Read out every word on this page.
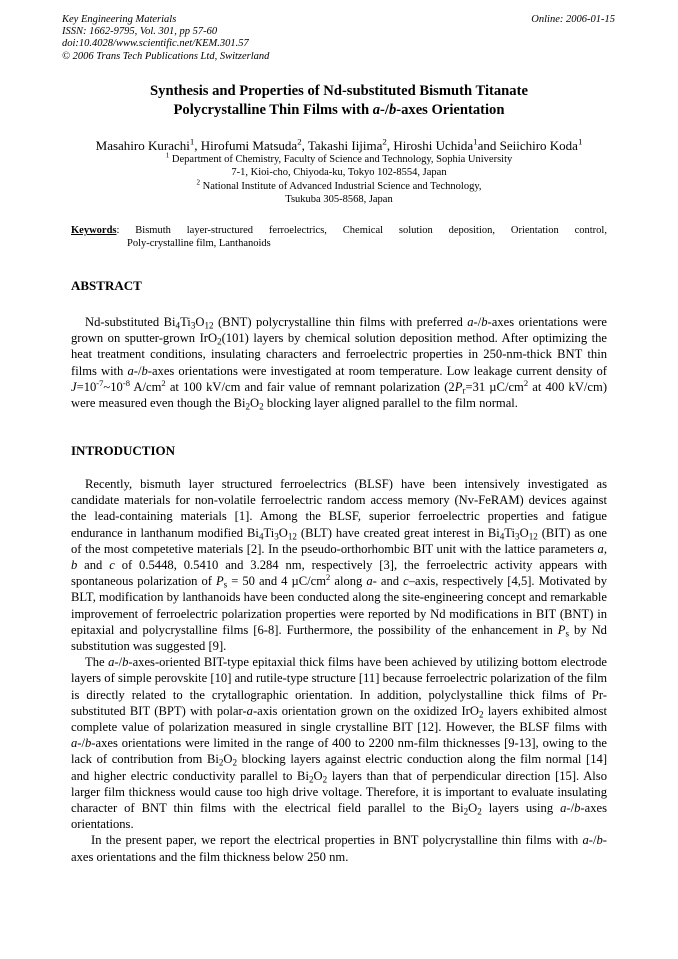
Key Engineering Materials
ISSN: 1662-9795, Vol. 301, pp 57-60
doi:10.4028/www.scientific.net/KEM.301.57
© 2006 Trans Tech Publications Ltd, Switzerland
Online: 2006-01-15
Synthesis and Properties of Nd-substituted Bismuth Titanate
Polycrystalline Thin Films with a-/b-axes Orientation
Masahiro Kurachi$^1$, Hirofumi Matsuda$^2$, Takashi Iijima$^2$, Hiroshi Uchida$^1$and Seiichiro Koda$^1$
$^1$ Department of Chemistry, Faculty of Science and Technology, Sophia University
7-1, Kioi-cho, Chiyoda-ku, Tokyo 102-8554, Japan
$^2$ National Institute of Advanced Industrial Science and Technology,
Tsukuba 305-8568, Japan
Keywords: Bismuth layer-structured ferroelectrics, Chemical solution deposition, Orientation control,
Poly-crystalline film, Lanthanoids
ABSTRACT

Nd-substituted $Bi_4Ti_3O_{12}$ (BNT) polycrystalline thin films with preferred a-/b-axes orientations were grown on sputter-grown IrO$_2$(101) layers by chemical solution deposition method. After optimizing the heat treatment conditions, insulating characters and ferroelectric properties in 250-nm-thick BNT thin films with a-/b-axes orientations were investigated at room temperature. Low leakage current density of $J=10^{-7}\sim 10^{-8}$ $A/cm^2$ at 100 kV/cm and fair value of remnant polarization ($2P_r=31$ $\mu C/cm^2$ at 400 kV/cm) were measured even though the $Bi_2O_2$ blocking layer aligned parallel to the film normal.

INTRODUCTION

Recently, bismuth layer structured ferroelectrics (BLSF) have been intensively investigated as candidate materials for non-volatile ferroelectric random access memory (Nv-FeRAM) devices against the lead-containing materials [1]. Among the BLSF, superior ferroelectric properties and fatigue endurance in lanthanum modified $Bi_4Ti_3O_{12}$ (BLT) have created great interest in $Bi_4Ti_3O_{12}$ (BIT) as one of the most competetive materials [2]. In the pseudo-orthorhombic BIT unit with the lattice parameters a, b and c of 0.5448, 0.5410 and 3.284 nm, respectively [3], the ferroelectric activity appears with spontaneous polarization of $P_s = 50$ and 4 $\mu C/cm^2$ along a- and c–axis, respectively [4,5]. Motivated by BLT, modification by lanthanoids have been conducted along the site-engineering concept and remarkable improvement of ferroelectric polarization properties were reported by Nd modifications in BIT (BNT) in epitaxial and polycrystalline films [6-8]. Furthermore, the possibility of the enhancement in $P_s$ by Nd substitution was suggested [9].

The a-/b-axes-oriented BIT-type epitaxial thick films have been achieved by utilizing bottom electrode layers of simple perovskite [10] and rutile-type structure [11] because ferroelectric polarization of the film is directly related to the crytallographic orientation. In addition, polyclystalline thick films of Pr-substituted BIT (BPT) with polar-a-axis orientation grown on the oxidized IrO$_2$ layers exhibited almost complete value of polarization measured in single crystalline BIT [12]. However, the BLSF films with a-/b-axes orientations were limited in the range of 400 to 2200 nm-film thicknesses [9-13], owing to the lack of contribution from $Bi_2O_2$ blocking layers against electric conduction along the film normal [14] and higher electric conductivity parallel to $Bi_2O_2$ layers than that of perpendicular direction [15]. Also larger film thickness would cause too high drive voltage. Therefore, it is important to evaluate insulating character of BNT thin films with the electrical field parallel to the $Bi_2O_2$ layers using a-/b-axes orientations.

In the present paper, we report the electrical properties in BNT polycrystalline thin films with a-/b- axes orientations and the film thickness below 250 nm.
